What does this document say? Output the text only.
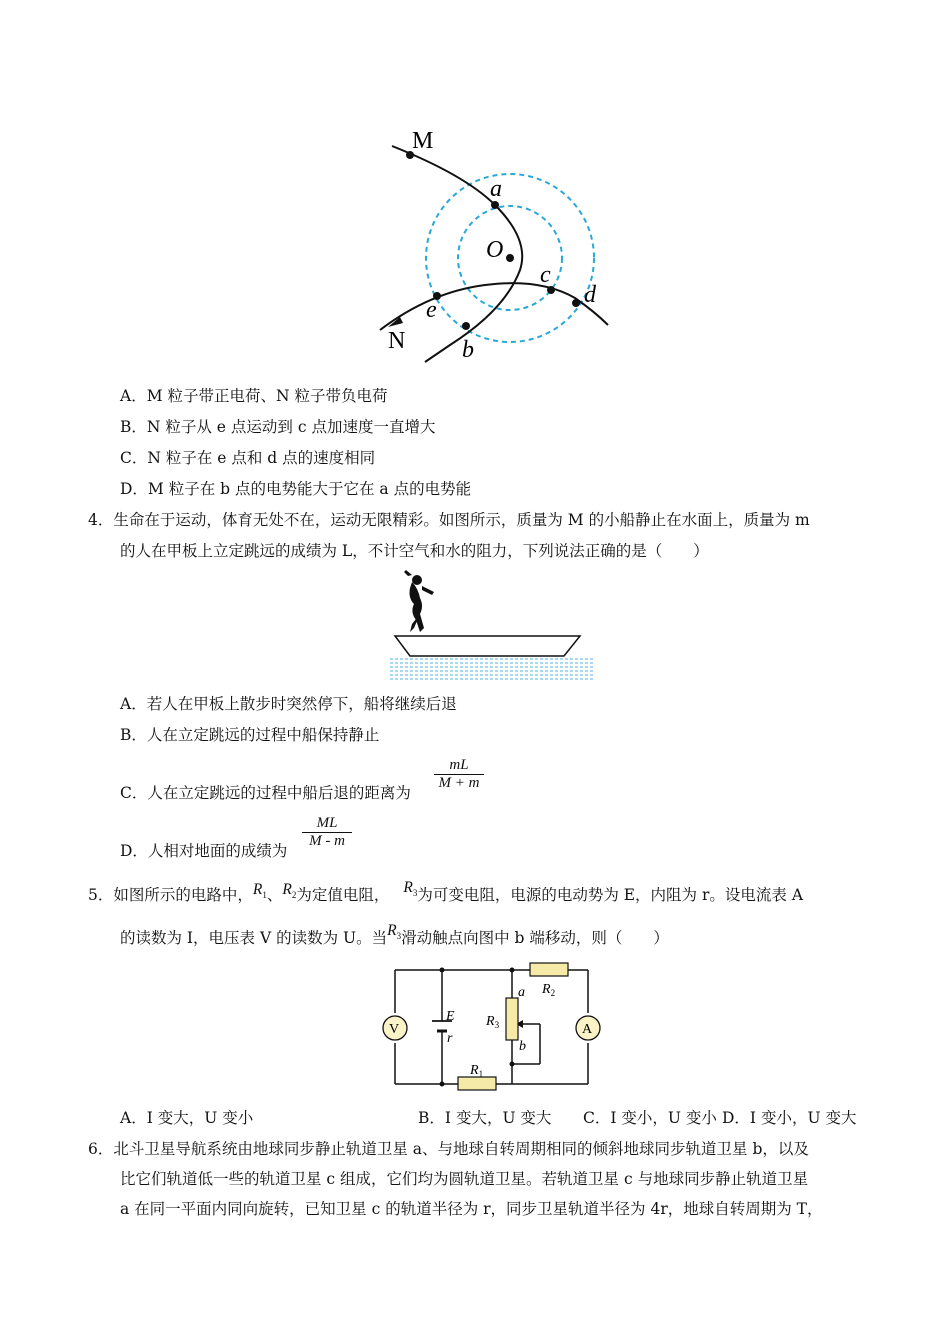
M
a
O
c
d
e
N b
A．M 粒子带正电荷、N 粒子带负电荷
B．N 粒子从 e 点运动到 c 点加速度一直增大
C．N 粒子在 e 点和 d 点的速度相同
D．M 粒子在 b 点的电势能大于它在 a 点的电势能
4．生命在于运动，体育无处不在，运动无限精彩。如图所示，质量为 M 的小船静止在水面上，质量为 m
的人在甲板上立定跳远的成绩为 L，不计空气和水的阻力，下列说法正确的是（　　）
A．若人在甲板上散步时突然停下，船将继续后退
B．人在立定跳远的过程中船保持静止
C．人在立定跳远的过程中船后退的距离为
mL
M + m
D．人相对地面的成绩为
ML
M - m
5．如图所示的电路中，$R_1$、$R_2$为定值电阻， $R_3$为可变电阻，电源的电动势为 E，内阻为 r。设电流表 A
的读数为 I，电压表 V 的读数为 U。当$R_3$滑动触点向图中 b 端移动，则（　　）
V	A
E
r
$R_2$
$R_1$
$R_3$
a
b
A．I 变大，U 变小	B．I 变大，U 变大 C．I 变小，U 变小 D．I 变小，U 变大
6．北斗卫星导航系统由地球同步静止轨道卫星 a、与地球自转周期相同的倾斜地球同步轨道卫星 b，以及
比它们轨道低一些的轨道卫星 c 组成，它们均为圆轨道卫星。若轨道卫星 c 与地球同步静止轨道卫星
a 在同一平面内同向旋转，已知卫星 c 的轨道半径为 r，同步卫星轨道半径为 4r，地球自转周期为 T，
